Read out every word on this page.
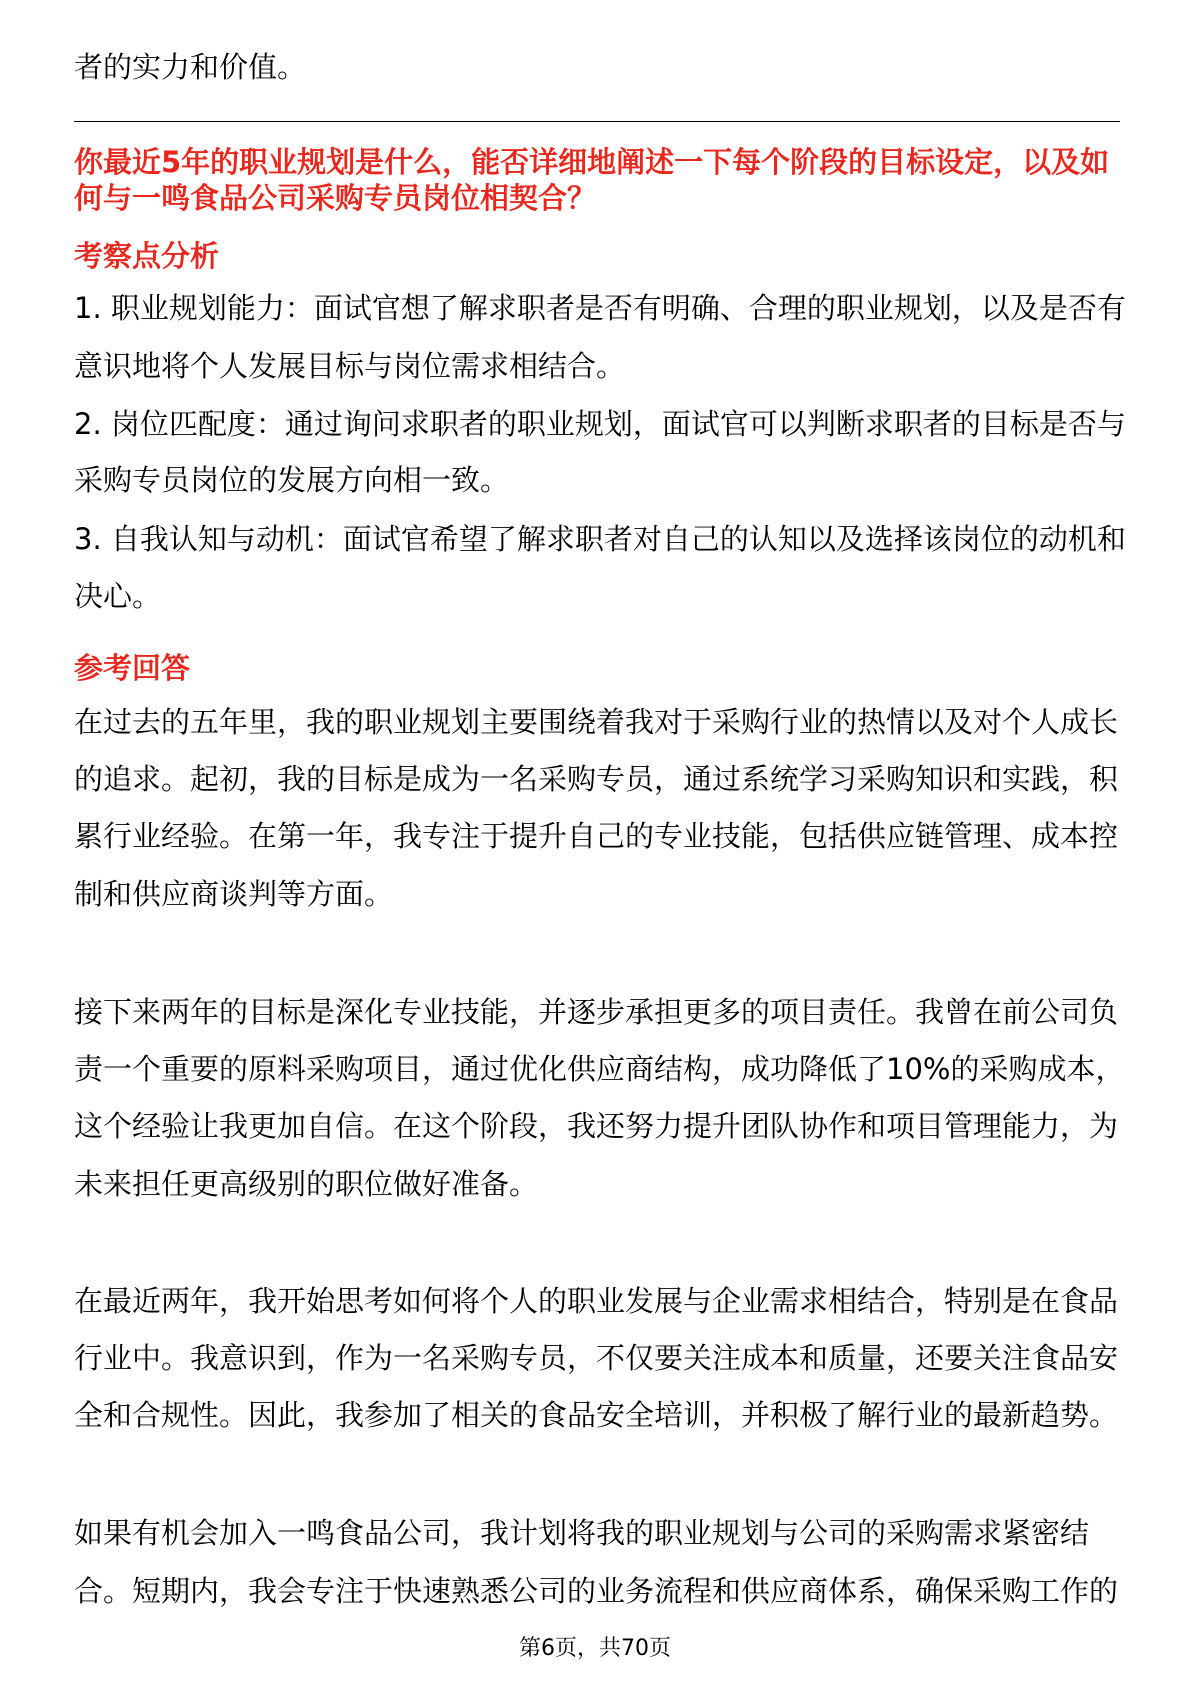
者的实力和价值。
你最近5年的职业规划是什么，能否详细地阐述一下每个阶段的目标设定，以及如
何与一鸣食品公司采购专员岗位相契合？
考察点分析
1. 职业规划能力：面试官想了解求职者是否有明确、合理的职业规划，以及是否有
意识地将个人发展目标与岗位需求相结合。
2. 岗位匹配度：通过询问求职者的职业规划，面试官可以判断求职者的目标是否与
采购专员岗位的发展方向相一致。
3. 自我认知与动机：面试官希望了解求职者对自己的认知以及选择该岗位的动机和
决心。
参考回答
在过去的五年里，我的职业规划主要围绕着我对于采购行业的热情以及对个人成长
的追求。起初，我的目标是成为一名采购专员，通过系统学习采购知识和实践，积
累行业经验。在第一年，我专注于提升自己的专业技能，包括供应链管理、成本控
制和供应商谈判等方面。
接下来两年的目标是深化专业技能，并逐步承担更多的项目责任。我曾在前公司负
责一个重要的原料采购项目，通过优化供应商结构，成功降低了10%的采购成本，
这个经验让我更加自信。在这个阶段，我还努力提升团队协作和项目管理能力，为
未来担任更高级别的职位做好准备。
在最近两年，我开始思考如何将个人的职业发展与企业需求相结合，特别是在食品
行业中。我意识到，作为一名采购专员，不仅要关注成本和质量，还要关注食品安
全和合规性。因此，我参加了相关的食品安全培训，并积极了解行业的最新趋势。
如果有机会加入一鸣食品公司，我计划将我的职业规划与公司的采购需求紧密结
合。短期内，我会专注于快速熟悉公司的业务流程和供应商体系，确保采购工作的
第6页，共70页
